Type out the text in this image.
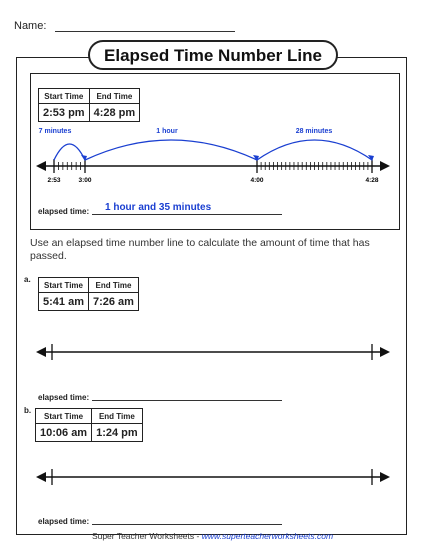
Name:
Elapsed Time Number Line
Start Time	End Time
2:53 pm	4:28 pm
7 minutes	1 hour	28 minutes
2:53	3:00	4:00	4:28
elapsed time: 1 hour and 35 minutes
Use an elapsed time number line to calculate the amount of time that has passed.
a.
Start Time	End Time
5:41 am	7:26 am
elapsed time:
b.
Start Time	End Time
10:06 am	1:24 pm
elapsed time:
Super Teacher Worksheets - www.superteacherworksheets.com
